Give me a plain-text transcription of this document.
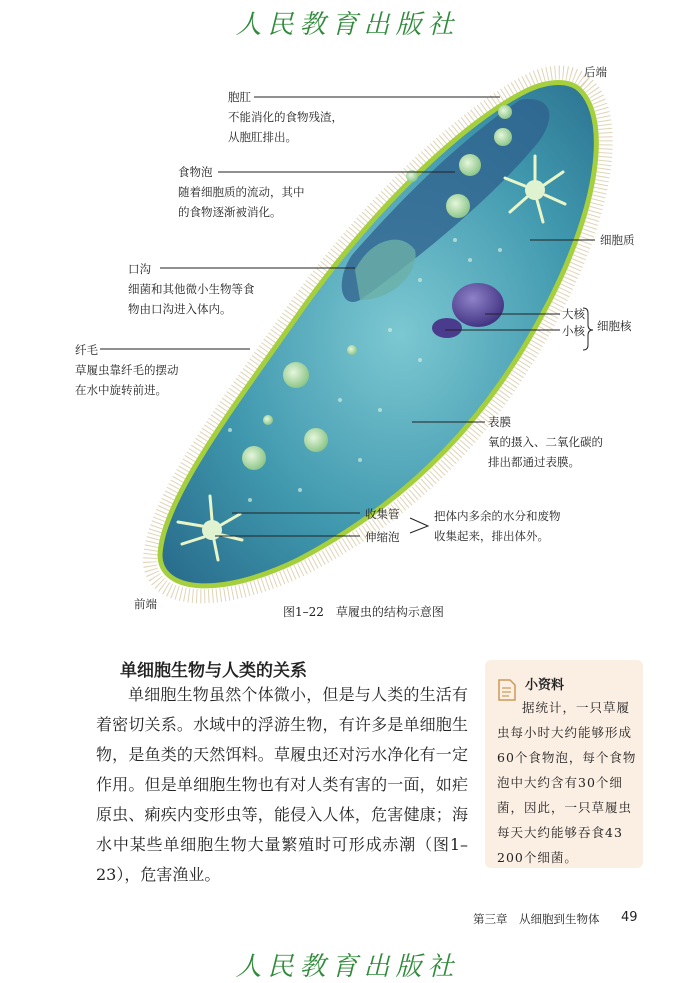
人民教育出版社
后端
胞肛
不能消化的食物残渣，
从胞肛排出。
食物泡
随着细胞质的流动，其中
的食物逐渐被消化。
口沟
细菌和其他微小生物等食
物由口沟进入体内。
纤毛
草履虫靠纤毛的摆动
在水中旋转前进。
细胞质
大核
小核 细胞核
表膜
氧的摄入、二氧化碳的
排出都通过表膜。
收集管
伸缩泡
把体内多余的水分和废物
收集起来，排出体外。
前端
图1–22　草履虫的结构示意图
单细胞生物与人类的关系

单细胞生物虽然个体微小，但是与人类的生活有着密切关系。水域中的浮游生物，有许多是单细胞生物，是鱼类的天然饵料。草履虫还对污水净化有一定作用。但是单细胞生物也有对人类有害的一面，如疟原虫、痢疾内变形虫等，能侵入人体，危害健康；海水中某些单细胞生物大量繁殖时可形成赤潮（图1–23），危害渔业。

小资料
据统计，一只草履虫每小时大约能够形成60个食物泡，每个食物泡中大约含有30个细菌，因此，一只草履虫每天大约能够吞食43 200个细菌。
第三章　从细胞到生物体 49
人民教育出版社
